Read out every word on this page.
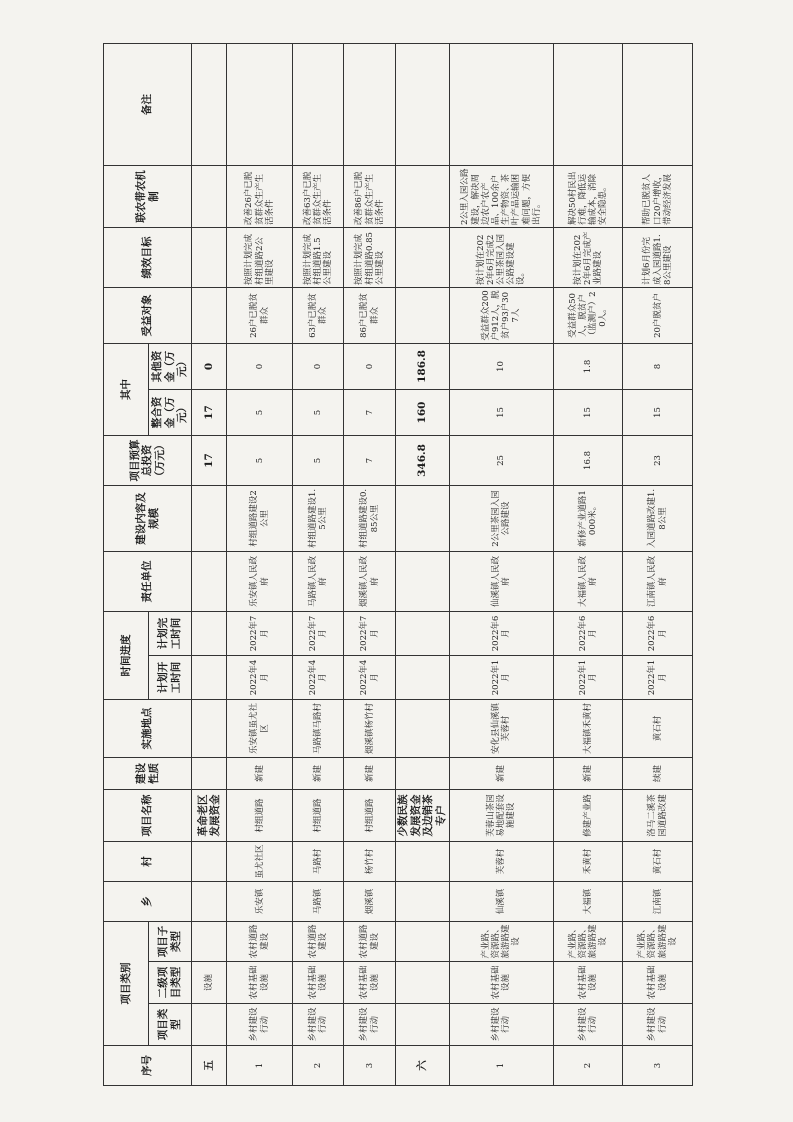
序号	项目类别			乡	村	项目名称	建设性质	实施地点	时间进度		责任单位	建设内容及规模	项目预算总投资（万元）	其中		受益对象	绩效目标	联农带农机制	备注
	项目类型	二级项目类型	项目子类型						计划开工时间	计划完工时间				整合资金（万元）	其他资金（万元）				
五		设施				革命老区发展资金							17	17	0				
1	乡村建设行动	农村基础设施	农村道路建设	乐安镇	虽尤社区	村组道路	新建	乐安镇虽尤社区	2022年4月	2022年7月	乐安镇人民政府	村组道路建设2公里	5	5	0	26户已脱贫群众	按照计划完成村组道路2公里建设	改善26户已脱贫群众生产生活条件	
2	乡村建设行动	农村基础设施	农村道路建设	马路镇	马路村	村组道路	新建	马路镇马路村	2022年4月	2022年7月	马路镇人民政府	村组道路建设1.5公里	5	5	0	63户已脱贫群众	按照计划完成村组道路1.5公里建设	改善63户已脱贫群众生产生活条件	
3	乡村建设行动	农村基础设施	农村道路建设	烟溪镇	杨竹村	村组道路	新建	烟溪镇杨竹村	2022年4月	2022年7月	烟溪镇人民政府	村组道路建设0.85公里	7	7	0	86户已脱贫群众	按照计划完成村组道路0.85公里建设	改善86户已脱贫群众生产生活条件	
六						少数民族发展资金及边销茶专户							346.8	160	186.8				
1	乡村建设行动	农村基础设施	产业路、资源路、旅游路建设	仙溪镇	芙蓉村	芙蓉山茶园易地配套设施建设	新建	安化县仙溪镇芙蓉村	2022年1月	2022年6月	仙溪镇人民政府	2公里茶园入园公路建设	25	15	10	受益群众200户912人，脱贫户93户307人	按计划在2022年6月完成2公里茶园入园公路建设建设。	2公里入园公路建设，解决周边农户农产品、100余户生产物资、茶叶产品运输困难问题，方便出行。	
2	乡村建设行动	农村基础设施	产业路、资源路、旅游路建设	大福镇	禾黄村	修建产业路	新建	大福镇禾黄村	2022年1月	2022年6月	大福镇人民政府	新修产业道路1000米。	16.8	15	1.8	受益群众50人，脱贫户（监测户）20人。	按计划在2022年6月完成产业路建设	解决50村民出行难，降低运输成本，消除安全隐患。	
3	乡村建设行动	农村基础设施	产业路、资源路、旅游路建设	江南镇	黄石村	洛马二溪茶园道路改建	续建	黄石村	2022年1月	2022年6月	江南镇人民政府	入园道路改建1.8公里	23	15	8	20户脱贫户	计划6月份完成入园道路1.8公里建设	帮助已脱贫人口20户增收，带动经济发展	
